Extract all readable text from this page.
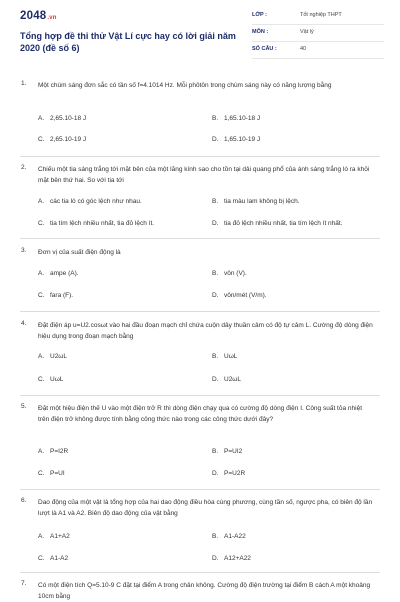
2048.vn
Tổng hợp đề thi thử Vật Lí cực hay có lời giải năm 2020 (đề số 6)
LỚP :	Tốt nghiệp THPT
MÔN :	Vật lý
SỐ CÂU :	40
1. Một chùm sáng đơn sắc có tần số f=4.1014 Hz. Mỗi phôtôn trong chùm sáng này có năng lượng bằng
A. 2,65.10-18 J	B. 1,65.10-18 J
C. 2,65.10-19 J	D. 1,65.10-19 J
2. Chiếu một tia sáng trắng tới mặt bên của một lăng kính sao cho tồn tại dải quang phổ của ánh sáng trắng ló ra khỏi mặt bên thứ hai. So với tia tới
A. các tia ló có góc lệch như nhau.	B. tia màu lam không bị lệch.
C. tia tím lệch nhiều nhất, tia đỏ lệch ít.	D. tia đỏ lệch nhiều nhất, tia tím lệch ít nhất.
3. Đơn vị của suất điện động là
A. ampe (A).	B. vôn (V).
C. fara (F).	D. vôn/mét (V/m).
4. Đặt điện áp u=U2.cosωt vào hai đầu đoạn mạch chỉ chứa cuộn dây thuần cảm có độ tự cảm L. Cường độ dòng điện hiệu dụng trong đoạn mạch bằng
A. U2ωL	B. UωL
C. UωL	D. U2ωL
5. Đặt một hiệu điện thế U vào một điện trở R thì dòng điện chạy qua có cường độ dòng điện I. Công suất tỏa nhiệt trên điện trở không được tính bằng công thức nào trong các công thức dưới đây?
A. P=I2R	B. P=UI2
C. P=UI	D. P=U2R
6. Dao động của một vật là tổng hợp của hai dao động điều hòa cùng phương, cùng tần số, ngược pha, có biên độ lần lượt là A1 và A2. Biên độ dao động của vật bằng
A. A1+A2	B. A1-A22
C. A1-A2	D. A12+A22
7. Có một điện tích Q=5.10-9 C đặt tại điểm A trong chân không. Cường độ điện trường tại điểm B cách A một khoảng 10cm bằng
